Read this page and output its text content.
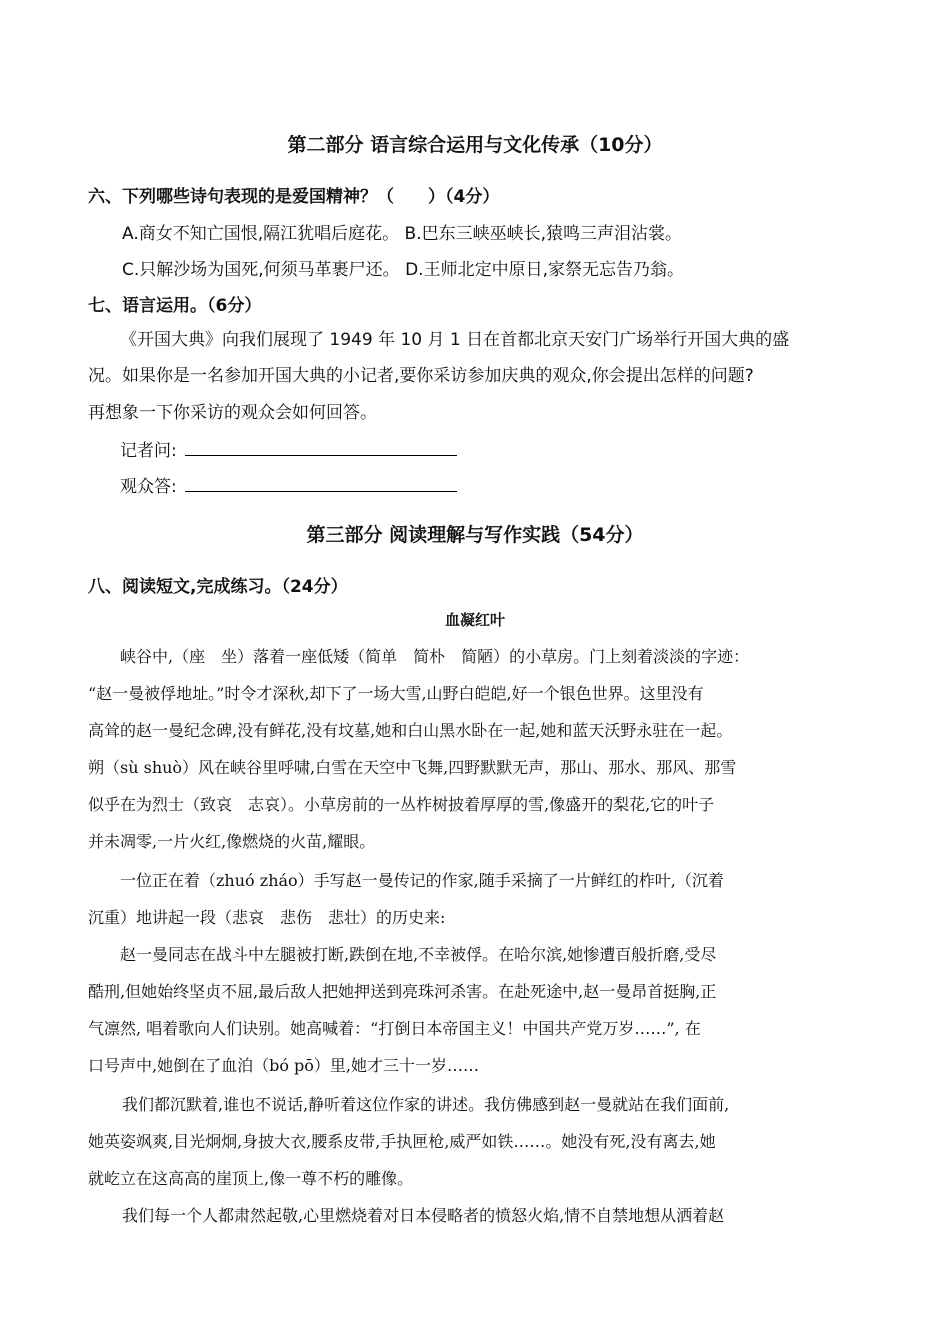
第二部分 语言综合运用与文化传承（10分）
六、下列哪些诗句表现的是爱国精神？（　　）（4分）
A.商女不知亡国恨,隔江犹唱后庭花。 B.巴东三峡巫峡长,猿鸣三声泪沾裳。
C.只解沙场为国死,何须马革裹尸还。 D.王师北定中原日,家祭无忘告乃翁。
七、语言运用。（6分）
《开国大典》向我们展现了 1949 年 10 月 1 日在首都北京天安门广场举行开国大典的盛
况。如果你是一名参加开国大典的小记者,要你采访参加庆典的观众,你会提出怎样的问题?
再想象一下你采访的观众会如何回答。
记者问:
观众答:
第三部分 阅读理解与写作实践（54分）
八、阅读短文,完成练习。（24分）
血凝红叶
峡谷中,（座　坐）落着一座低矮（简单　简朴　简陋）的小草房。门上刻着淡淡的字迹：
“赵一曼被俘地址。”时令才深秋,却下了一场大雪,山野白皑皑,好一个银色世界。这里没有
高耸的赵一曼纪念碑,没有鲜花,没有坟墓,她和白山黑水卧在一起,她和蓝天沃野永驻在一起。
朔（sù shuò）风在峡谷里呼啸,白雪在天空中飞舞,四野默默无声，那山、那水、那风、那雪
似乎在为烈士（致哀　志哀）。小草房前的一丛柞树披着厚厚的雪,像盛开的梨花,它的叶子
并未凋零,一片火红,像燃烧的火苗,耀眼。
一位正在着（zhuó zháo）手写赵一曼传记的作家,随手采摘了一片鲜红的柞叶,（沉着
沉重）地讲起一段（悲哀　悲伤　悲壮）的历史来:
赵一曼同志在战斗中左腿被打断,跌倒在地,不幸被俘。在哈尔滨,她惨遭百般折磨,受尽
酷刑,但她始终坚贞不屈,最后敌人把她押送到亮珠河杀害。在赴死途中,赵一曼昂首挺胸,正
气凛然, 唱着歌向人们诀别。她高喊着：“打倒日本帝国主义！中国共产党万岁……”, 在
口号声中,她倒在了血泊（bó pō）里,她才三十一岁……
我们都沉默着,谁也不说话,静听着这位作家的讲述。我仿佛感到赵一曼就站在我们面前,
她英姿飒爽,目光炯炯,身披大衣,腰系皮带,手执匣枪,威严如铁……。她没有死,没有离去,她
就屹立在这高高的崖顶上,像一尊不朽的雕像。
我们每一个人都肃然起敬,心里燃烧着对日本侵略者的愤怒火焰,情不自禁地想从洒着赵
